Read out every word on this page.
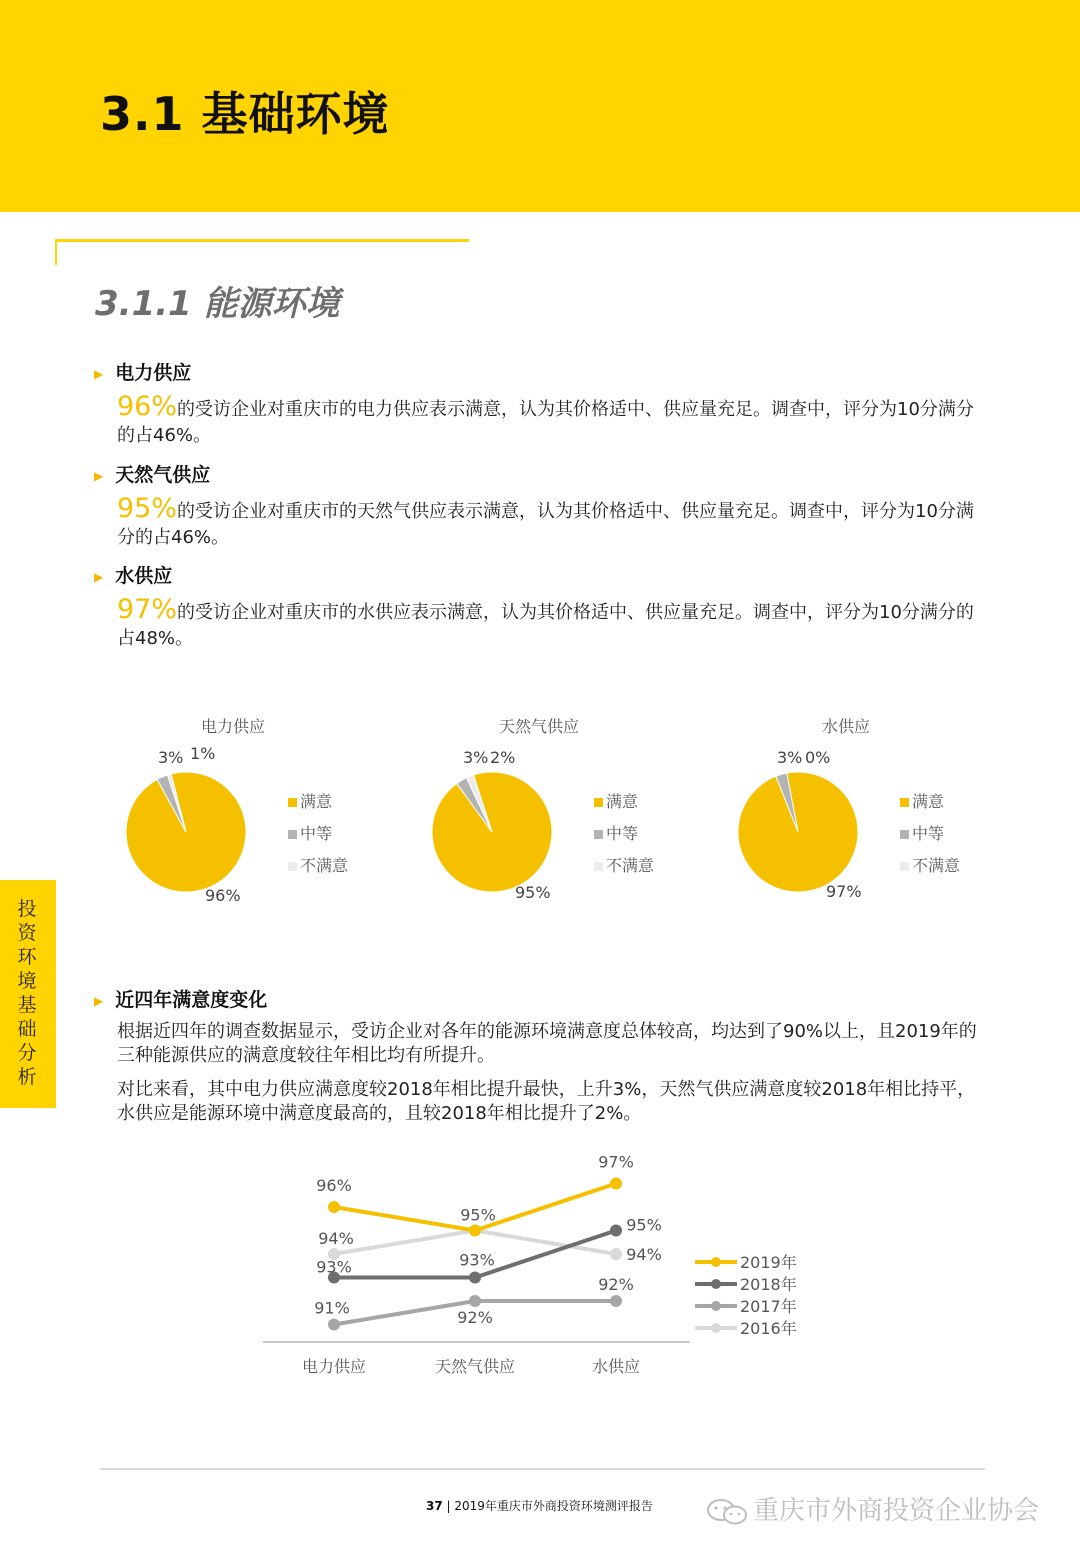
3.1 基础环境
3.1.1 能源环境
▶ 电力供应
96%的受访企业对重庆市的电力供应表示满意，认为其价格适中、供应量充足。调查中，评分为10分满分的占46%。
▶ 天然气供应
95%的受访企业对重庆市的天然气供应表示满意，认为其价格适中、供应量充足。调查中，评分为10分满分的占46%。
▶ 水供应
97%的受访企业对重庆市的水供应表示满意，认为其价格适中、供应量充足。调查中，评分为10分满分的占48%。
电力供应
96%
3% 1%
满意
中等
不满意
天然气供应
95%
3% 2%
满意
中等
不满意
水供应
97%
3% 0%
满意
中等
不满意
投资环境基础分析
▶ 近四年满意度变化
根据近四年的调查数据显示，受访企业对各年的能源环境满意度总体较高，均达到了90%以上，且2019年的三种能源供应的满意度较往年相比均有所提升。
对比来看，其中电力供应满意度较2018年相比提升最快，上升3%，天然气供应满意度较2018年相比持平，水供应是能源环境中满意度最高的，且较2018年相比提升了2%。
电力供应	天然气供应	水供应
96%
95%
97%
93%	93%
95%
91%	92%
92%
94%
94%	2019年
2018年
2017年
2016年
37 | 2019年重庆市外商投资环境测评报告	重庆市外商投资企业协会
